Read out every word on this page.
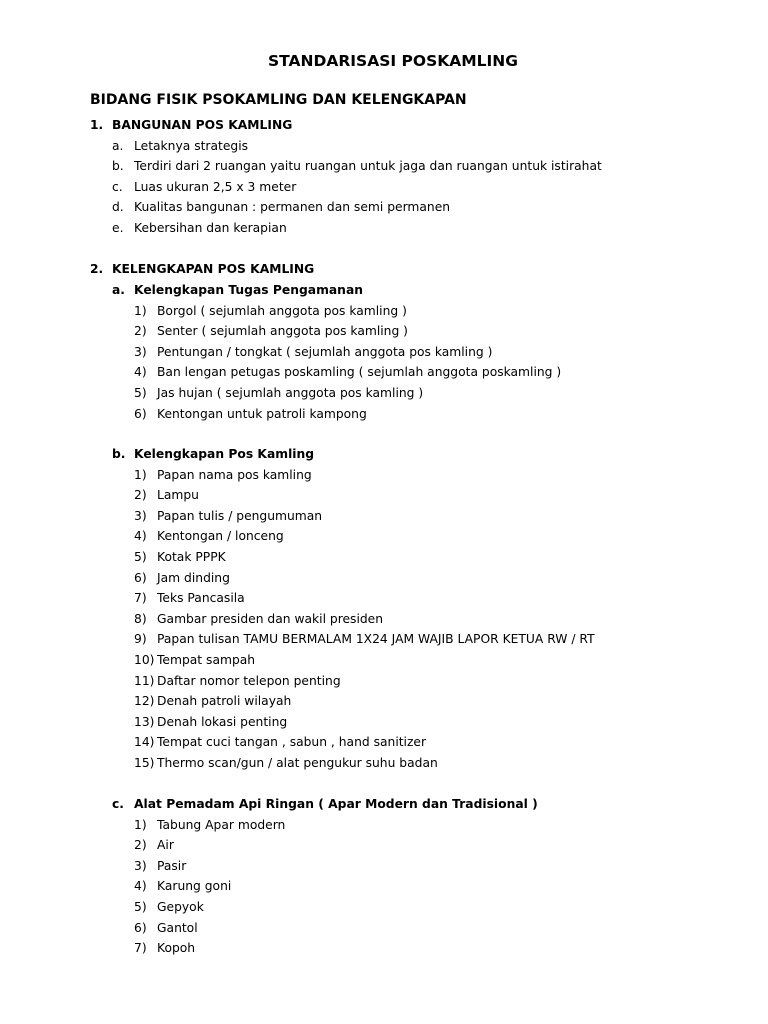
STANDARISASI POSKAMLING
BIDANG FISIK PSOKAMLING DAN KELENGKAPAN
1. BANGUNAN POS KAMLING
a. Letaknya strategis
b. Terdiri dari 2 ruangan yaitu ruangan untuk jaga dan ruangan untuk istirahat
c. Luas ukuran 2,5 x 3 meter
d. Kualitas bangunan : permanen dan semi permanen
e. Kebersihan dan kerapian
2. KELENGKAPAN POS KAMLING
a. Kelengkapan Tugas Pengamanan
1) Borgol ( sejumlah anggota pos kamling )
2) Senter ( sejumlah anggota pos kamling )
3) Pentungan / tongkat ( sejumlah anggota pos kamling )
4) Ban lengan petugas poskamling ( sejumlah anggota poskamling )
5) Jas hujan ( sejumlah anggota pos kamling )
6) Kentongan untuk patroli kampong
b. Kelengkapan Pos Kamling
1) Papan nama pos kamling
2) Lampu
3) Papan tulis / pengumuman
4) Kentongan / lonceng
5) Kotak PPPK
6) Jam dinding
7) Teks Pancasila
8) Gambar presiden dan wakil presiden
9) Papan tulisan TAMU BERMALAM 1X24 JAM WAJIB LAPOR KETUA RW / RT
10) Tempat sampah
11) Daftar nomor telepon penting
12) Denah patroli wilayah
13) Denah lokasi penting
14) Tempat cuci tangan , sabun , hand sanitizer
15) Thermo scan/gun / alat pengukur suhu badan
c. Alat Pemadam Api Ringan ( Apar Modern dan Tradisional )
1) Tabung Apar modern
2) Air
3) Pasir
4) Karung goni
5) Gepyok
6) Gantol
7) Kopoh
